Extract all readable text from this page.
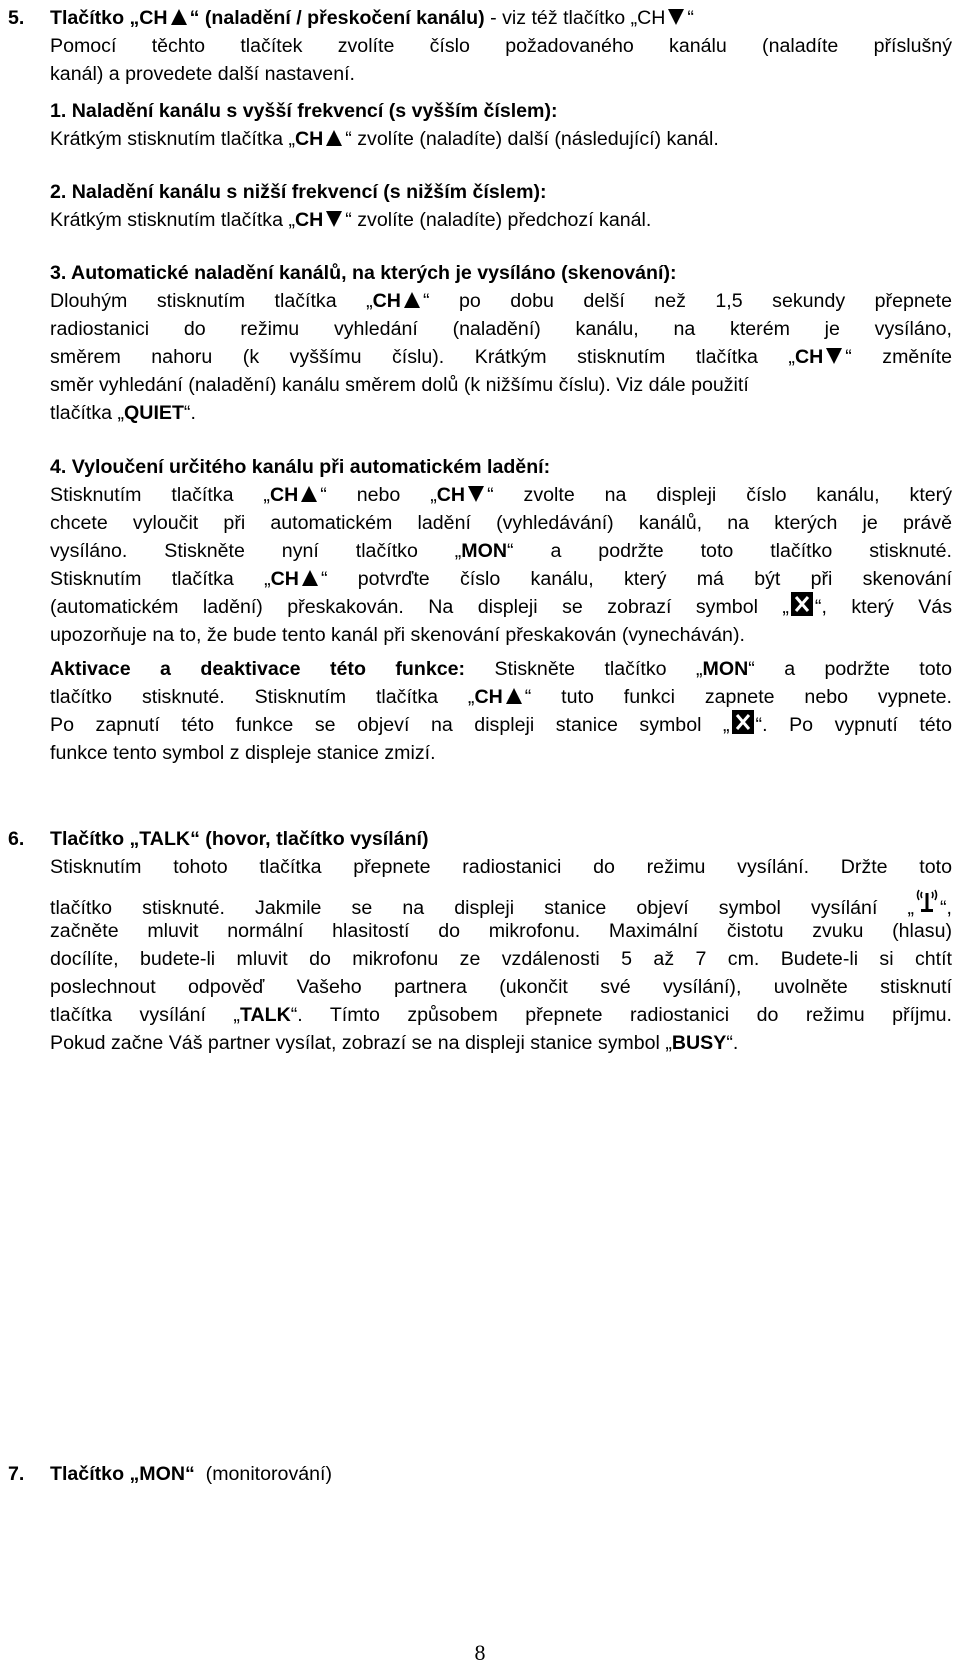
5. Tlačítko „CH “ (naladění / přeskočení kanálu) - viz též tlačítko „CH “
Pomocí těchto tlačítek zvolíte číslo požadovaného kanálu (naladíte příslušný
kanál) a provedete další nastavení.
1. Naladění kanálu s vyšší frekvencí (s vyšším číslem):
Krátkým stisknutím tlačítka „CH “ zvolíte (naladíte) další (následující) kanál.
2. Naladění kanálu s nižší frekvencí (s nižším číslem):
Krátkým stisknutím tlačítka „CH “ zvolíte (naladíte) předchozí kanál.
3. Automatické naladění kanálů, na kterých je vysíláno (skenování):
Dlouhým stisknutím tlačítka „CH “ po dobu delší než 1,5 sekundy přepnete
radiostanici do režimu vyhledání (naladění) kanálu, na kterém je vysíláno,
směrem nahoru (k vyššímu číslu). Krátkým stisknutím tlačítka „CH “ změníte
směr vyhledání (naladění) kanálu směrem dolů (k nižšímu číslu). Viz dále použití
tlačítka „QUIET“.
4. Vyloučení určitého kanálu při automatickém ladění:
Stisknutím tlačítka „CH “ nebo „CH “ zvolte na displeji číslo kanálu, který
chcete vyloučit při automatickém ladění (vyhledávání) kanálů, na kterých je právě
vysíláno. Stiskněte nyní tlačítko „MON“ a podržte toto tlačítko stisknuté.
Stisknutím tlačítka „CH “ potvrďte číslo kanálu, který má být při skenování
(automatickém ladění) přeskakován. Na displeji se zobrazí symbol „ “, který Vás
upozorňuje na to, že bude tento kanál při skenování přeskakován (vynecháván).
Aktivace a deaktivace této funkce: Stiskněte tlačítko „MON“ a podržte toto
tlačítko stisknuté. Stisknutím tlačítka „CH “ tuto funkci zapnete nebo vypnete.
Po zapnutí této funkce se objeví na displeji stanice symbol „ “. Po vypnutí této
funkce tento symbol z displeje stanice zmizí.
6. Tlačítko „TALK“ (hovor, tlačítko vysílání)
Stisknutím tohoto tlačítka přepnete radiostanici do režimu vysílání. Držte toto
tlačítko stisknuté. Jakmile se na displeji stanice objeví symbol vysílání „ “,
začněte mluvit normální hlasitostí do mikrofonu. Maximální čistotu zvuku (hlasu)
docílíte, budete-li mluvit do mikrofonu ze vzdálenosti 5 až 7 cm. Budete-li si chtít
poslechnout odpověď Vašeho partnera (ukončit své vysílání), uvolněte stisknutí
tlačítka vysílání „TALK“. Tímto způsobem přepnete radiostanici do režimu příjmu.
Pokud začne Váš partner vysílat, zobrazí se na displeji stanice symbol „BUSY“.
7. Tlačítko „MON“  (monitorování)
8
